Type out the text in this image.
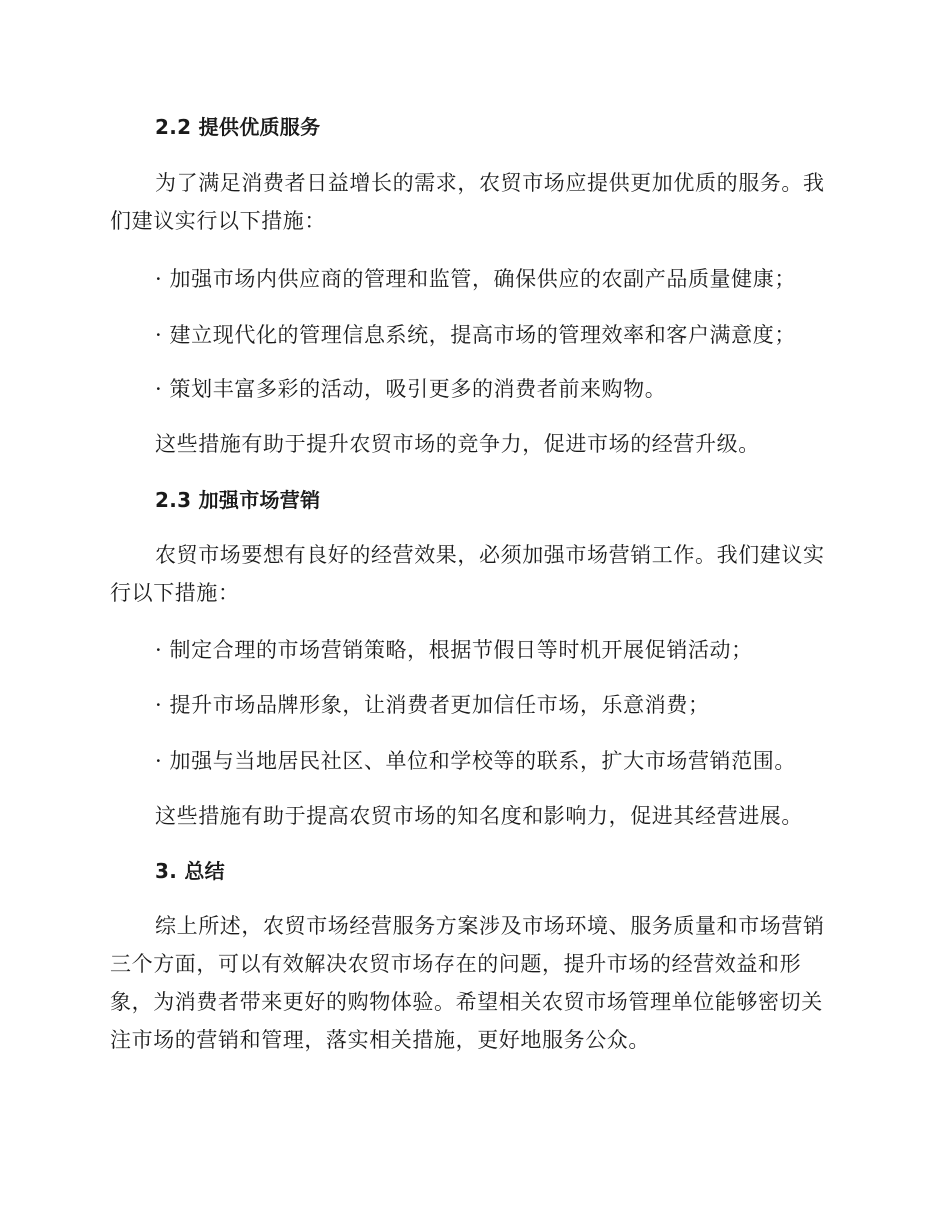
2.2 提供优质服务
为了满足消费者日益增长的需求，农贸市场应提供更加优质的服务。我
们建议实行以下措施：
· 加强市场内供应商的管理和监管，确保供应的农副产品质量健康；
· 建立现代化的管理信息系统，提高市场的管理效率和客户满意度；
· 策划丰富多彩的活动，吸引更多的消费者前来购物。
这些措施有助于提升农贸市场的竞争力，促进市场的经营升级。
2.3 加强市场营销
农贸市场要想有良好的经营效果，必须加强市场营销工作。我们建议实
行以下措施：
· 制定合理的市场营销策略，根据节假日等时机开展促销活动；
· 提升市场品牌形象，让消费者更加信任市场，乐意消费；
· 加强与当地居民社区、单位和学校等的联系，扩大市场营销范围。
这些措施有助于提高农贸市场的知名度和影响力，促进其经营进展。
3. 总结
综上所述，农贸市场经营服务方案涉及市场环境、服务质量和市场营销
三个方面，可以有效解决农贸市场存在的问题，提升市场的经营效益和形
象，为消费者带来更好的购物体验。希望相关农贸市场管理单位能够密切关
注市场的营销和管理，落实相关措施，更好地服务公众。
